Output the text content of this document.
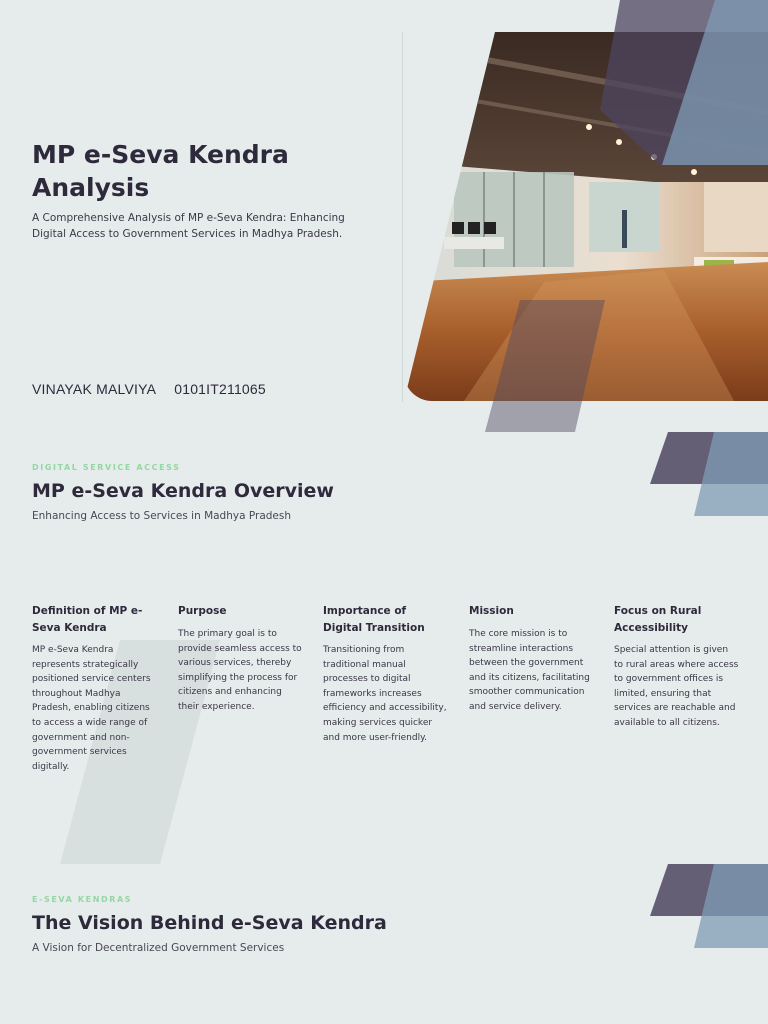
MP e-Seva Kendra Analysis
A Comprehensive Analysis of MP e-Seva Kendra: Enhancing Digital Access to Government Services in Madhya Pradesh.
VINAYAK MALVIYA 0101IT211065
DIGITAL SERVICE ACCESS
MP e-Seva Kendra Overview
Enhancing Access to Services in Madhya Pradesh
Definition of MP e-Seva Kendra
MP e-Seva Kendra represents strategically positioned service centers throughout Madhya Pradesh, enabling citizens to access a wide range of government and non-government services digitally.
Purpose
The primary goal is to provide seamless access to various services, thereby simplifying the process for citizens and enhancing their experience.
Importance of Digital Transition
Transitioning from traditional manual processes to digital frameworks increases efficiency and accessibility, making services quicker and more user-friendly.
Mission
The core mission is to streamline interactions between the government and its citizens, facilitating smoother communication and service delivery.
Focus on Rural Accessibility
Special attention is given to rural areas where access to government offices is limited, ensuring that services are reachable and available to all citizens.
E-SEVA KENDRAS
The Vision Behind e-Seva Kendra
A Vision for Decentralized Government Services
